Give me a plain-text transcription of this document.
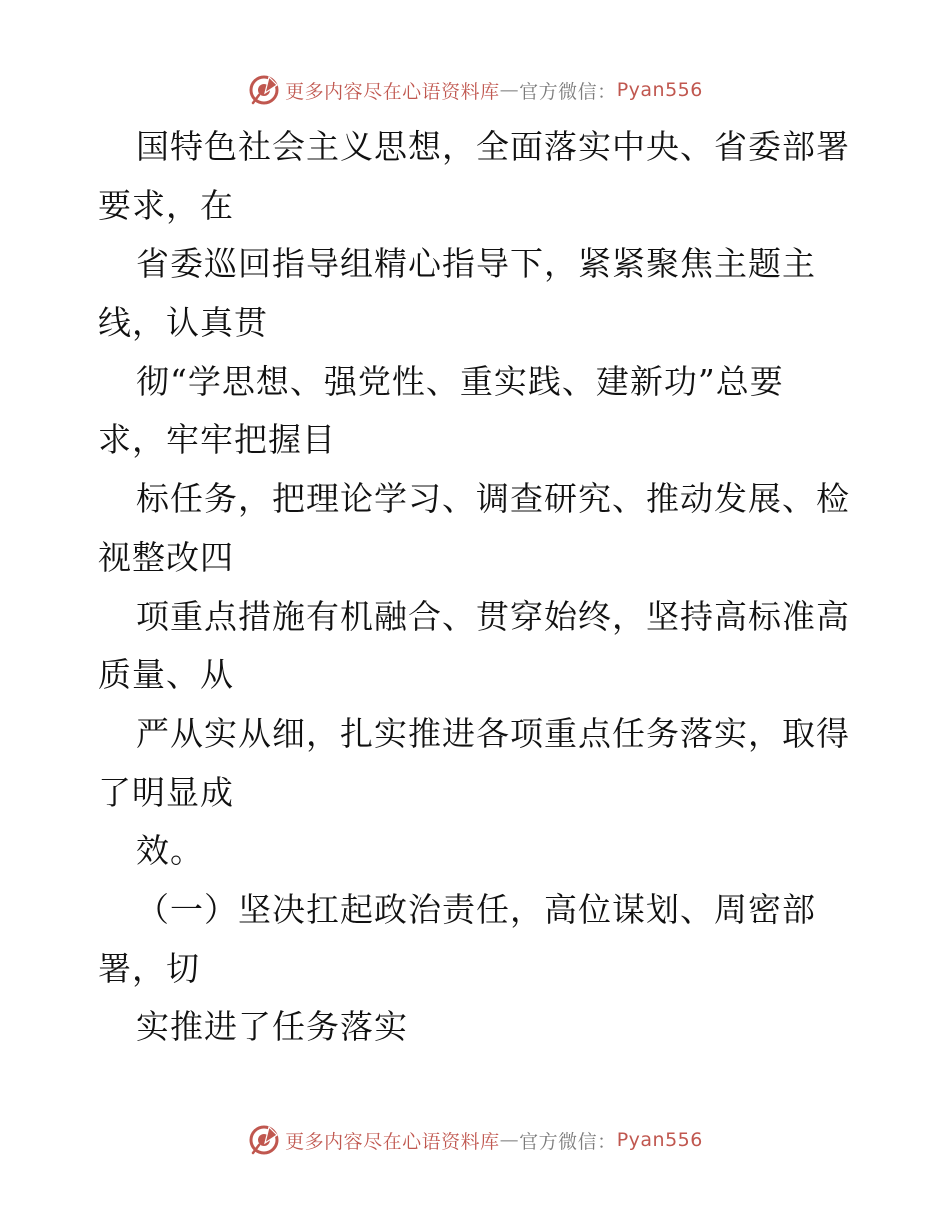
更多内容尽在心语资料库 — 官方微信： Pyan556
国特色社会主义思想，全面落实中央、省委部署
要求，在
省委巡回指导组精心指导下，紧紧聚焦主题主
线，认真贯
彻“学思想、强党性、重实践、建新功”总要
求，牢牢把握目
标任务，把理论学习、调查研究、推动发展、检
视整改四
项重点措施有机融合、贯穿始终，坚持高标准高
质量、从
严从实从细，扎实推进各项重点任务落实，取得
了明显成
效。
（一）坚决扛起政治责任，高位谋划、周密部
署，切
实推进了任务落实
更多内容尽在心语资料库 — 官方微信： Pyan556
